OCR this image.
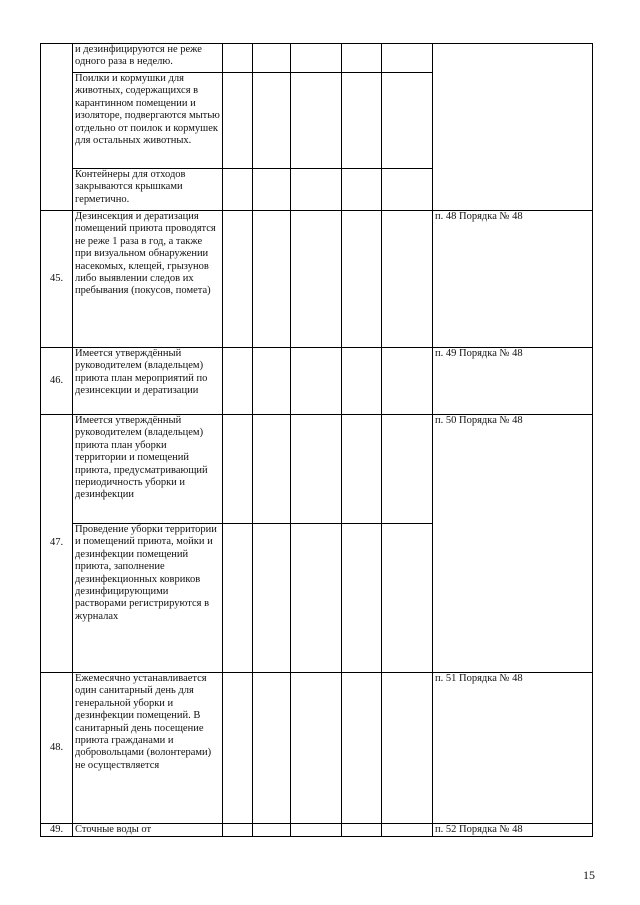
	и дезинфицируются не реже одного раза в неделю.						
	Поилки и кормушки для животных, содержащихся в карантинном помещении и изоляторе, подвергаются мытью отдельно от поилок и кормушек для остальных животных.						
	Контейнеры для отходов закрываются крышками герметично.						
45.	Дезинсекция и дератизация помещений приюта проводятся не реже 1 раза в год, а также при визуальном обнаружении насекомых, клещей, грызунов либо выявлении следов их пребывания (покусов, помета)						п. 48 Порядка № 48
46.	Имеется утверждённый руководителем (владельцем) приюта план мероприятий по дезинсекции и дератизации						п. 49 Порядка № 48
47.	Имеется утверждённый руководителем (владельцем) приюта план уборки территории и помещений приюта, предусматривающий периодичность уборки и дезинфекции						п. 50 Порядка № 48
	Проведение уборки территории и помещений приюта, мойки и дезинфекции помещений приюта, заполнение дезинфекционных ковриков дезинфицирующими растворами регистрируются в журналах						
48.	Ежемесячно устанавливается один санитарный день для генеральной уборки и дезинфекции помещений. В санитарный день посещение приюта гражданами и добровольцами (волонтерами) не осуществляется						п. 51 Порядка № 48
49.	Сточные воды от						п. 52 Порядка № 48
15
